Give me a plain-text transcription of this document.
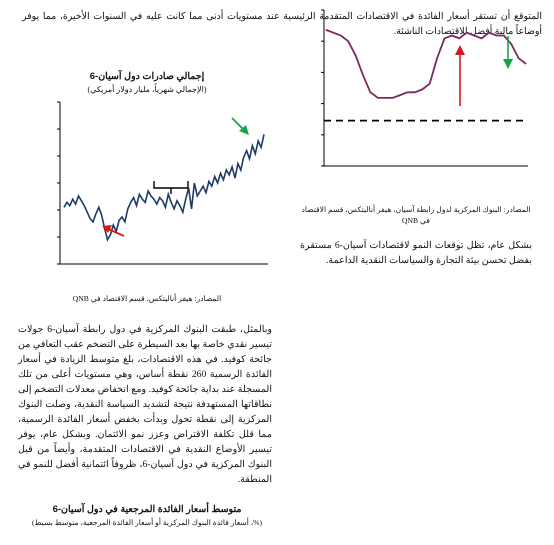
المتوقع أن تستقر أسعار الفائدة في الاقتصادات المتقدمة الرئيسية عند مستويات أدنى مما كانت عليه في السنوات الأخيرة، مما يوفر أوضاعاً مالية أفضل للاقتصادات الناشئة.
المصادر: البنوك المركزية لدول رابطة آسيان، هيفر أناليتكس، قسم الاقتصاد في QNB
بشكل عام، تظل توقعات النمو لاقتصادات آسيان-6 مستقرة بفضل تحسن بيئة التجارة والسياسات النقدية الداعمة.
إجمالي صادرات دول آسيان-6
(الإجمالي شهرياً، مليار دولار أمريكي)
المصادر: هيفر أناليتكس، قسم الاقتصاد في QNB
وبالمثل، طبقت البنوك المركزية في دول رابطة آسيان-6 جولات تيسير نقدي خاصة بها بعد السيطرة على التضخم عقب التعافي من جائحة كوفيد. في هذه الاقتصادات، بلغ متوسط الزيادة في أسعار الفائدة الرسمية 260 نقطة أساس، وهي مستويات أعلى من تلك المسجلة عند بداية جائحة كوفيد. ومع انخفاض معدلات التضخم إلى نطاقاتها المستهدفة نتيجة لتشديد السياسة النقدية، وصلت البنوك المركزية إلى نقطة تحول وبدأت بخفض أسعار الفائدة الرسمية، مما قلل تكلفة الاقتراض وعزز نمو الائتمان. وبشكل عام، يوفر تيسير الأوضاع النقدية في الاقتصادات المتقدمة، وأيضاً من قبل البنوك المركزية في دول آسيان-6، ظروفاً ائتمانية أفضل للنمو في المنطقة.
متوسط أسعار الفائدة المرجعية في دول آسيان-6
(%، أسعار فائدة البنوك المركزية أو أسعار الفائدة المرجعية، متوسط بسيط)
